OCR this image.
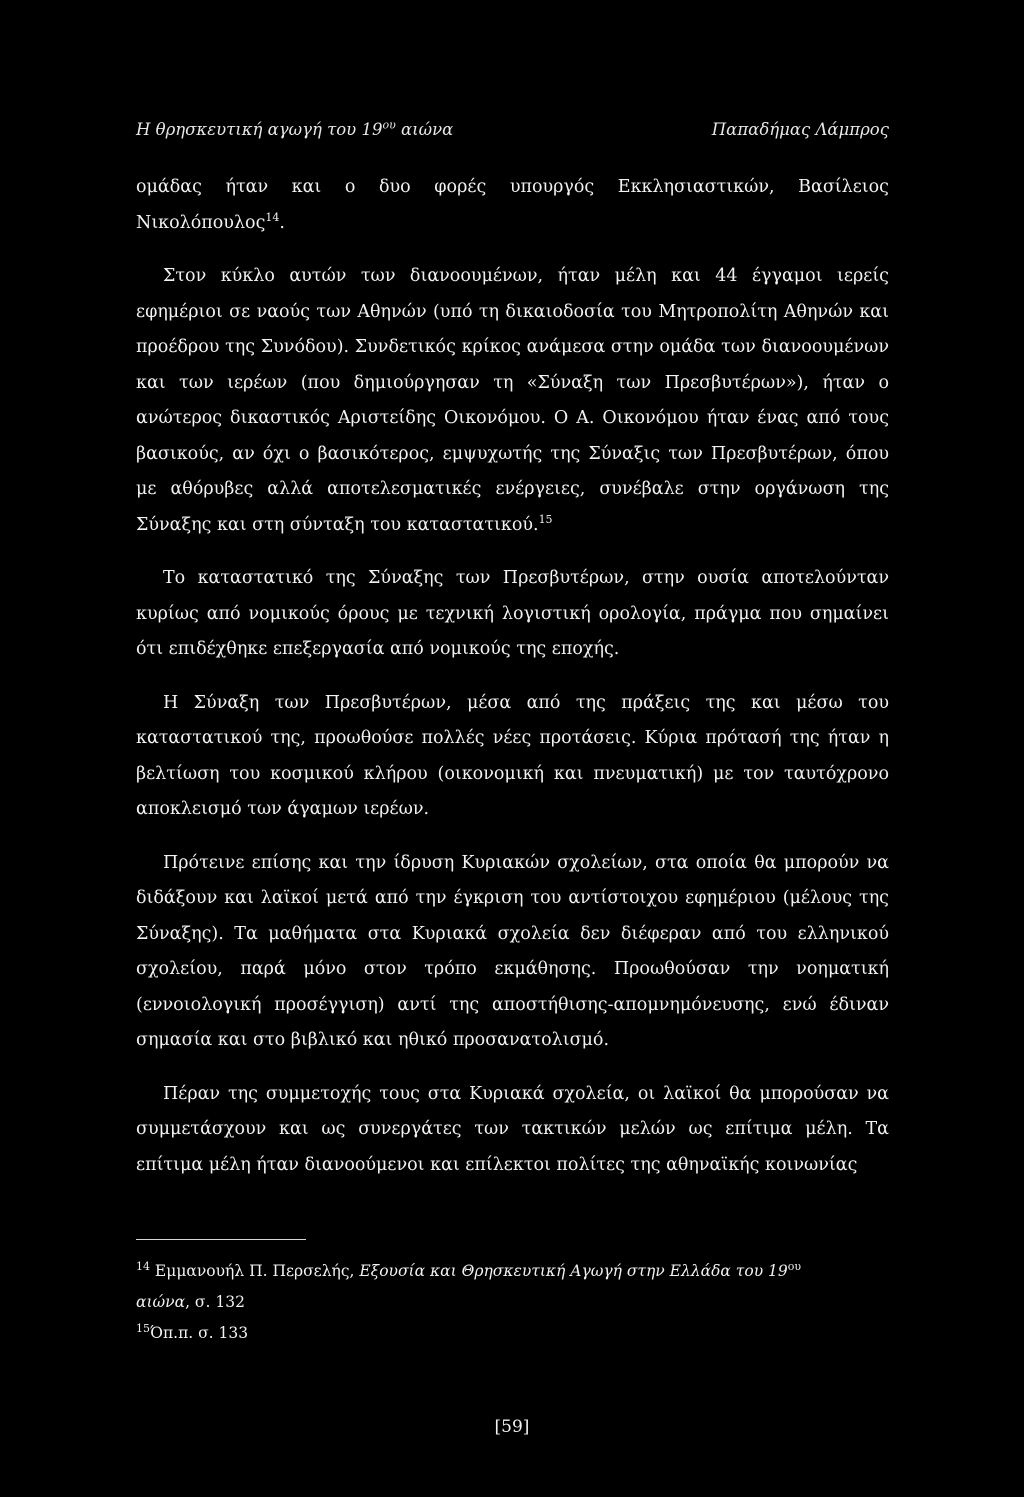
Η θρησκευτική αγωγή του $19^{o\upsilon}$ αιώνα	Παπαδήμας Λάμπρος

ομάδας ήταν και ο δυο φορές υπουργός Εκκλησιαστικών, Βασίλειος Νικολόπουλος$^{14}$.

Στον κύκλο αυτών των διανοουμένων, ήταν μέλη και 44 έγγαμοι ιερείς εφημέριοι σε ναούς των Αθηνών (υπό τη δικαιοδοσία του Μητροπολίτη Αθηνών και προέδρου της Συνόδου). Συνδετικός κρίκος ανάμεσα στην ομάδα των διανοουμένων και των ιερέων (που δημιούργησαν τη «Σύναξη των Πρεσβυτέρων»), ήταν ο ανώτερος δικαστικός Αριστείδης Οικονόμου. Ο Α. Οικονόμου ήταν ένας από τους βασικούς, αν όχι ο βασικότερος, εμψυχωτής της Σύναξις των Πρεσβυτέρων, όπου με αθόρυβες αλλά αποτελεσματικές ενέργειες, συνέβαλε στην οργάνωση της Σύναξης και στη σύνταξη του καταστατικού.$^{15}$

Το καταστατικό της Σύναξης των Πρεσβυτέρων, στην ουσία αποτελούνταν κυρίως από νομικούς όρους με τεχνική λογιστική ορολογία, πράγμα που σημαίνει ότι επιδέχθηκε επεξεργασία από νομικούς της εποχής.

Η Σύναξη των Πρεσβυτέρων, μέσα από της πράξεις της και μέσω του καταστατικού της, προωθούσε πολλές νέες προτάσεις. Κύρια πρότασή της ήταν η βελτίωση του κοσμικού κλήρου (οικονομική και πνευματική) με τον ταυτόχρονο αποκλεισμό των άγαμων ιερέων.

Πρότεινε επίσης και την ίδρυση Κυριακών σχολείων, στα οποία θα μπορούν να διδάξουν και λαϊκοί μετά από την έγκριση του αντίστοιχου εφημέριου (μέλους της Σύναξης). Τα μαθήματα στα Κυριακά σχολεία δεν διέφεραν από του ελληνικού σχολείου, παρά μόνο στον τρόπο εκμάθησης. Προωθούσαν την νοηματική (εννοιολογική προσέγγιση) αντί της αποστήθισης-απομνημόνευσης, ενώ έδιναν σημασία και στο βιβλικό και ηθικό προσανατολισμό.

Πέραν της συμμετοχής τους στα Κυριακά σχολεία, οι λαϊκοί θα μπορούσαν να συμμετάσχουν και ως συνεργάτες των τακτικών μελών ως επίτιμα μέλη. Τα επίτιμα μέλη ήταν διανοούμενοι και επίλεκτοι πολίτες της αθηναϊκής κοινωνίας

$^{14}$ Εμμανουήλ Π. Περσελής, Εξουσία και Θρησκευτική Αγωγή στην Ελλάδα του $19^{o\upsilon}$
αιώνα, σ. 132

$^{15}$Όπ.π. σ. 133

[59]
